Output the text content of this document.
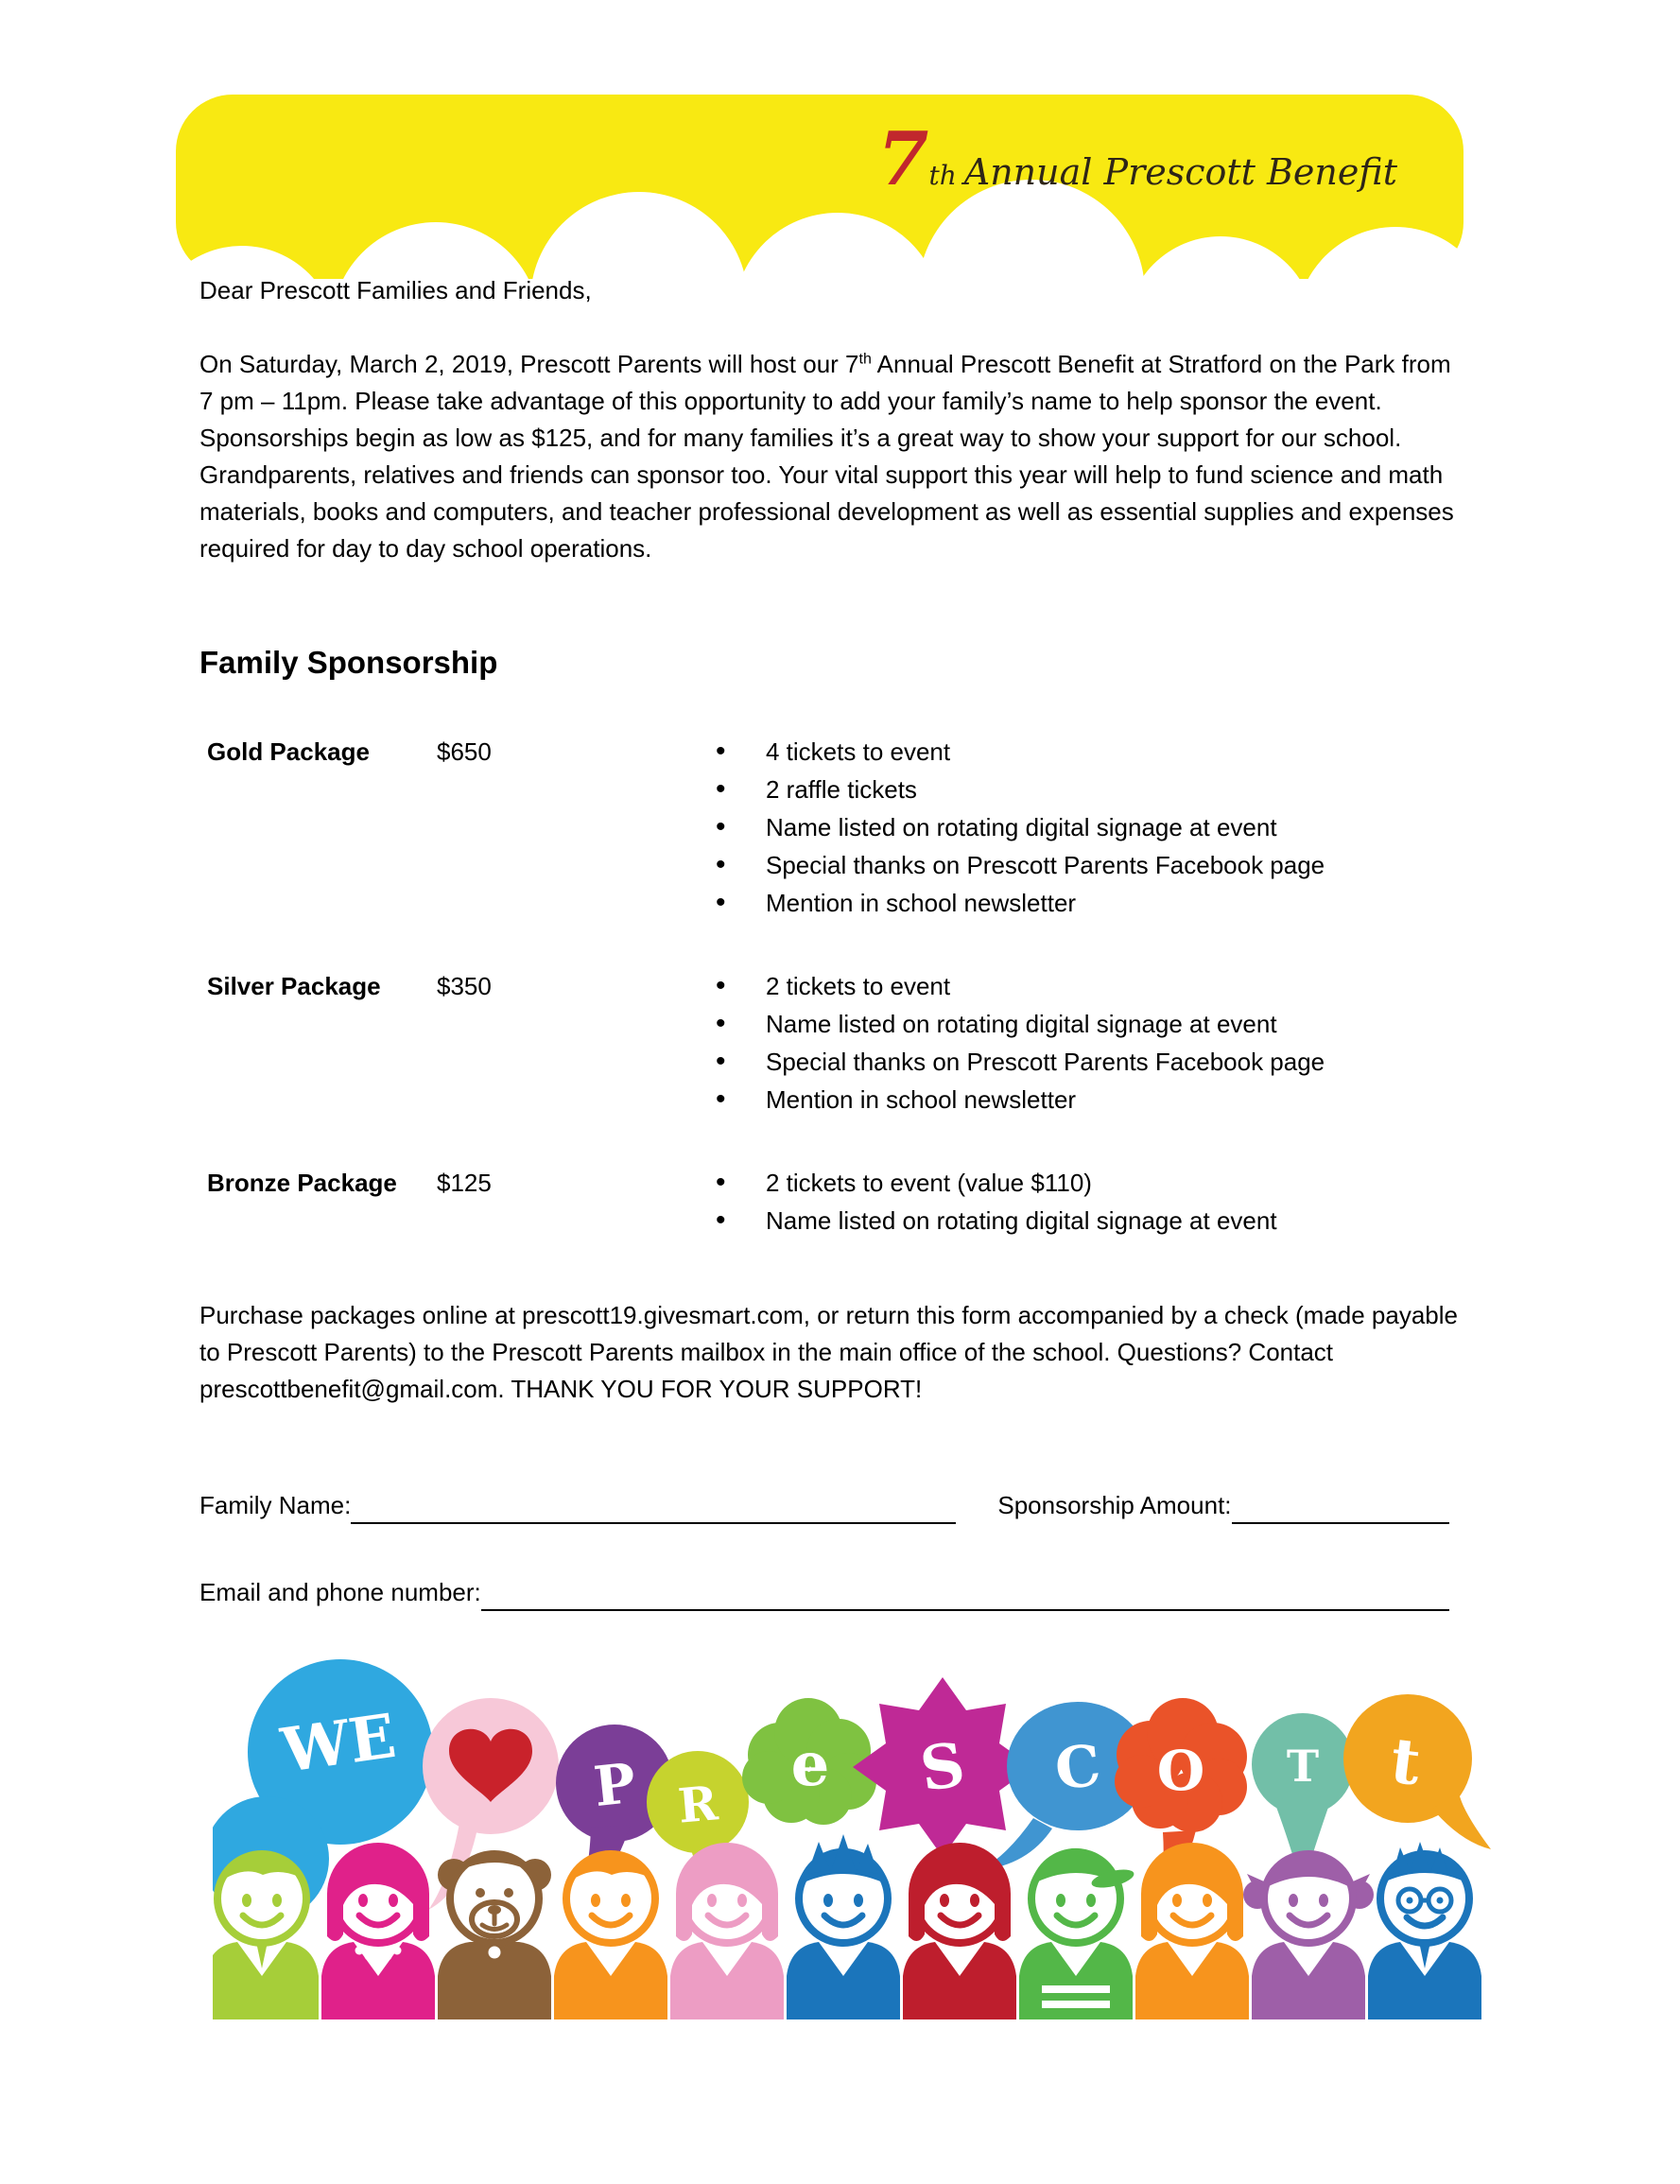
7th Annual Prescott Benefit
Dear Prescott Families and Friends,

On Saturday, March 2, 2019, Prescott Parents will host our 7th Annual Prescott Benefit at Stratford on the Park from 7 pm – 11pm. Please take advantage of this opportunity to add your family’s name to help sponsor the event. Sponsorships begin as low as $125, and for many families it’s a great way to show your support for our school. Grandparents, relatives and friends can sponsor too. Your vital support this year will help to fund science and math materials, books and computers, and teacher professional development as well as essential supplies and expenses required for day to day school operations.

Family Sponsorship
Gold Package	$650	• 4 tickets to event
• 2 raffle tickets
• Name listed on rotating digital signage at event
• Special thanks on Prescott Parents Facebook page
• Mention in school newsletter
Silver Package	$350	• 2 tickets to event
• Name listed on rotating digital signage at event
• Special thanks on Prescott Parents Facebook page
• Mention in school newsletter
Bronze Package	$125	• 2 tickets to event (value $110)
• Name listed on rotating digital signage at event

Purchase packages online at prescott19.givesmart.com, or return this form accompanied by a check (made payable to Prescott Parents) to the Prescott Parents mailbox in the main office of the school. Questions? Contact prescottbenefit@gmail.com. THANK YOU FOR YOUR SUPPORT!

Family Name:	Sponsorship Amount:
Email and phone number:
WE	P R
e S C O T t
